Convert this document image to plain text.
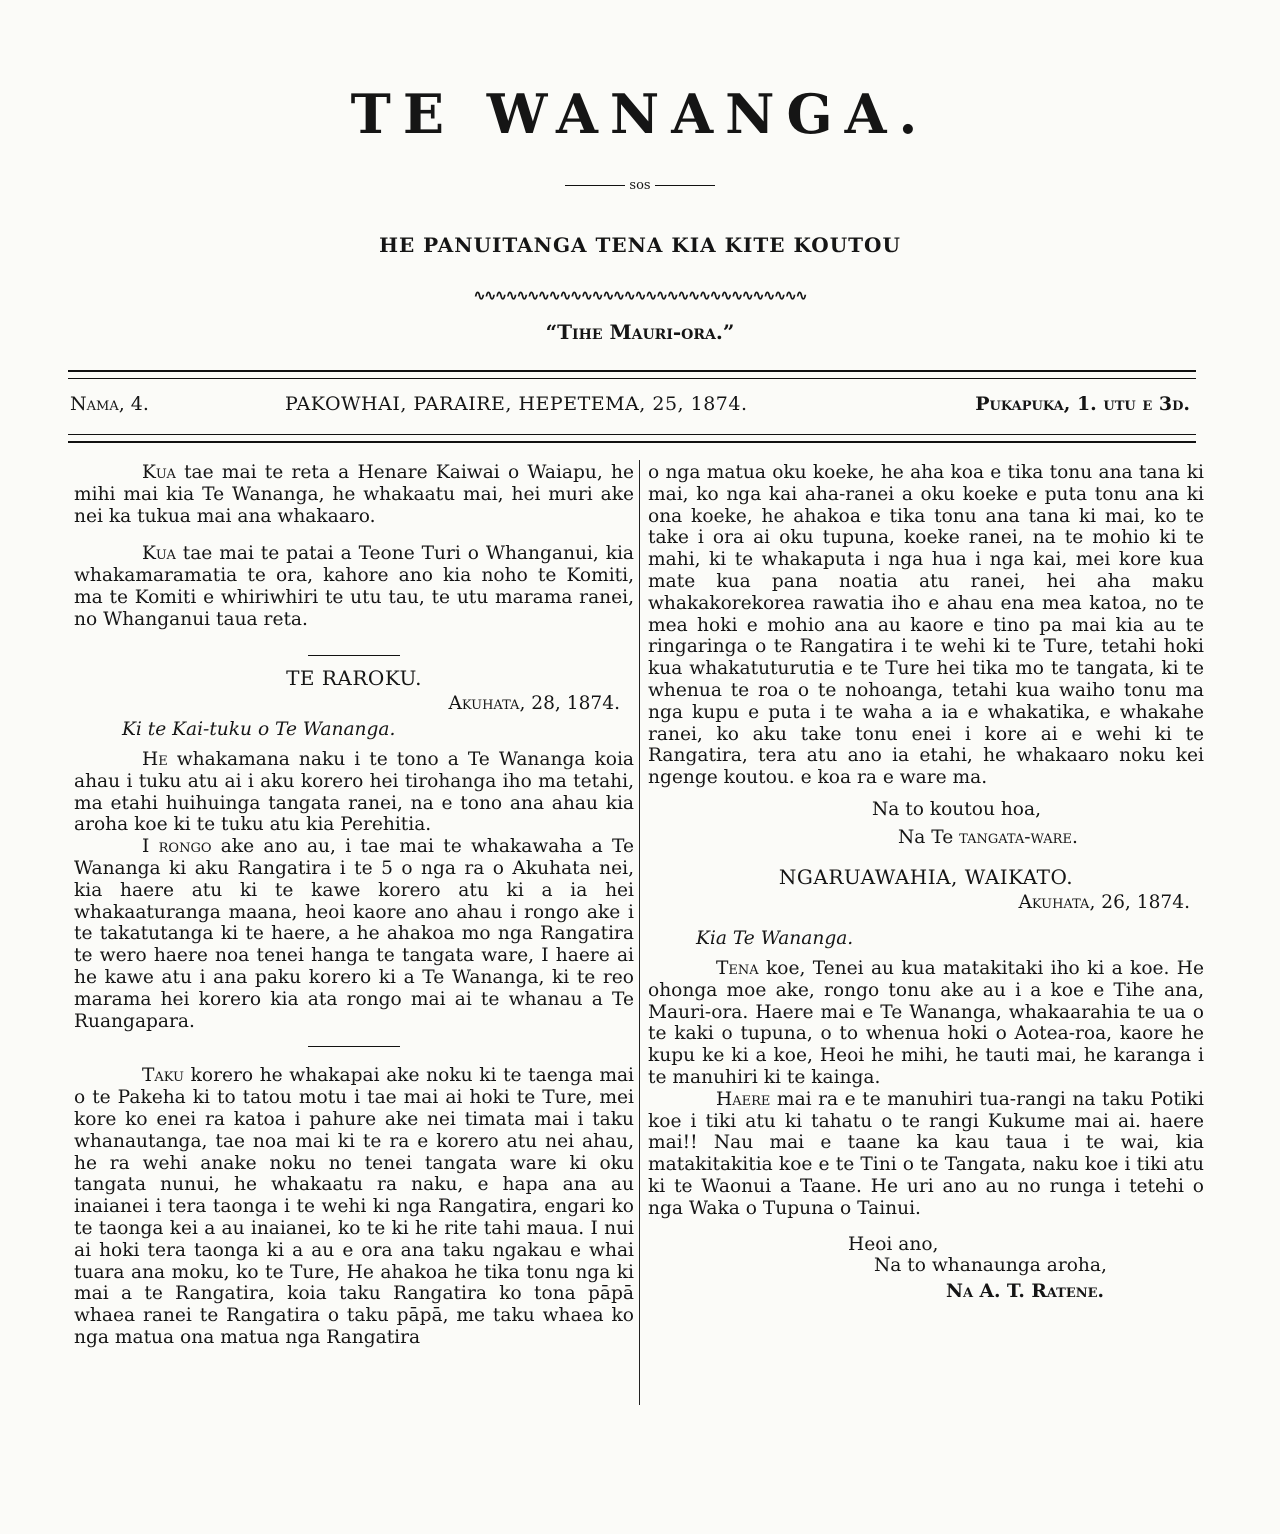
TE WANANGA.
sos
HE PANUITANGA TENA KIA KITE KOUTOU
∿∿∿∿∿∿∿∿∿∿∿∿∿∿∿∿∿∿∿∿∿∿∿∿∿∿∿∿∿∿∿
“Tihe Mauri-ora.”
Nama, 4.	PAKOWHAI, PARAIRE, HEPETEMA, 25, 1874.	Pukapuka, 1. utu e 3d.

Kua tae mai te reta a Henare Kaiwai o Waiapu, he mihi mai kia Te Wananga, he whakaatu mai, hei muri ake nei ka tukua mai ana whakaaro.

Kua tae mai te patai a Teone Turi o Whanganui, kia whakamaramatia te ora, kahore ano kia noho te Komiti, ma te Komiti e whiriwhiri te utu tau, te utu marama ranei, no Whanganui taua reta.

TE RAROKU.
Akuhata, 28, 1874.

Ki te Kai-tuku o Te Wananga.

He whakamana naku i te tono a Te Wananga koia ahau i tuku atu ai i aku korero hei tirohanga iho ma tetahi, ma etahi huihuinga tangata ranei, na e tono ana ahau kia aroha koe ki te tuku atu kia Perehitia.

I rongo ake ano au, i tae mai te whakawaha a Te Wananga ki aku Rangatira i te 5 o nga ra o Akuhata nei, kia haere atu ki te kawe korero atu ki a ia hei whakaaturanga maana, heoi kaore ano ahau i rongo ake i te takatutanga ki te haere, a he ahakoa mo nga Rangatira te wero haere noa tenei hanga te tangata ware, I haere ai he kawe atu i ana paku korero ki a Te Wananga, ki te reo marama hei korero kia ata rongo mai ai te whanau a Te Ruangapara.

Taku korero he whakapai ake noku ki te taenga mai o te Pakeha ki to tatou motu i tae mai ai hoki te Ture, mei kore ko enei ra katoa i pahure ake nei timata mai i taku whanautanga, tae noa mai ki te ra e korero atu nei ahau, he ra wehi anake noku no tenei tangata ware ki oku tangata nunui, he whakaatu ra naku, e hapa ana au inaianei i tera taonga i te wehi ki nga Rangatira, engari ko te taonga kei a au inaianei, ko te ki he rite tahi maua. I nui ai hoki tera taonga ki a au e ora ana taku ngakau e whai tuara ana moku, ko te Ture, He ahakoa he tika tonu nga ki mai a te Rangatira, koia taku Rangatira ko tona pāpā whaea ranei te Rangatira o taku pāpā, me taku whaea ko nga matua ona matua nga Rangatira

o nga matua oku koeke, he aha koa e tika tonu ana tana ki mai, ko nga kai aha-ranei a oku koeke e puta tonu ana ki ona koeke, he ahakoa e tika tonu ana tana ki mai, ko te take i ora ai oku tupuna, koeke ranei, na te mohio ki te mahi, ki te whakaputa i nga hua i nga kai, mei kore kua mate kua pana noatia atu ranei, hei aha maku whakakorekorea rawatia iho e ahau ena mea katoa, no te mea hoki e mohio ana au kaore e tino pa mai kia au te ringaringa o te Rangatira i te wehi ki te Ture, tetahi hoki kua whakatuturutia e te Ture hei tika mo te tangata, ki te whenua te roa o te nohoanga, tetahi kua waiho tonu ma nga kupu e puta i te waha a ia e whakatika, e whakahe ranei, ko aku take tonu enei i kore ai e wehi ki te Rangatira, tera atu ano ia etahi, he whakaaro noku kei ngenge koutou. e koa ra e ware ma.

Na to koutou hoa,

Na Te tangata-ware.

NGARUAWAHIA, WAIKATO.
Akuhata, 26, 1874.

Kia Te Wananga.

Tena koe, Tenei au kua matakitaki iho ki a koe. He ohonga moe ake, rongo tonu ake au i a koe e Tihe ana, Mauri-ora. Haere mai e Te Wananga, whakaarahia te ua o te kaki o tupuna, o to whenua hoki o Aotea-roa, kaore he kupu ke ki a koe, Heoi he mihi, he tauti mai, he karanga i te manuhiri ki te kainga.

Haere mai ra e te manuhiri tua-rangi na taku Potiki koe i tiki atu ki tahatu o te rangi Kukume mai ai. haere mai!! Nau mai e taane ka kau taua i te wai, kia matakitakitia koe e te Tini o te Tangata, naku koe i tiki atu ki te Waonui a Taane. He uri ano au no runga i tetehi o nga Waka o Tupuna o Tainui.

Heoi ano,

Na to whanaunga aroha,

Na A. T. Ratene.
